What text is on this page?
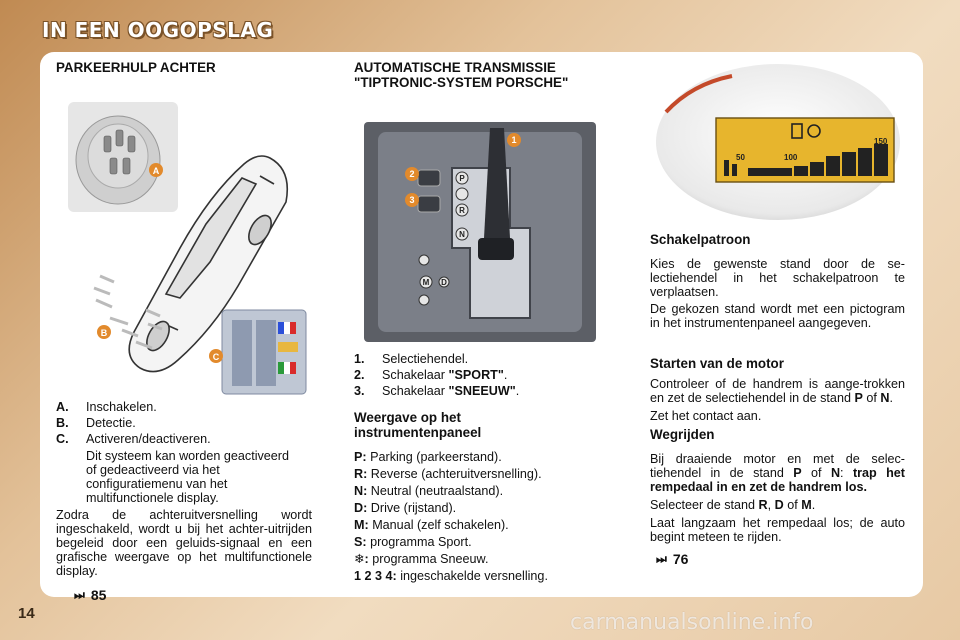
IN EEN OOGOPSLAG
PARKEERHULP ACHTER
A
B
C
A.	Inschakelen.
B.	Detectie.
C.	Activeren/deactiveren.

Dit systeem kan worden geactiveerd of gedeactiveerd via het configuratiemenu van het multifunctionele display.

Zodra de achteruitversnelling wordt ingeschakeld, wordt u bij het achter-uitrijden begeleid door een geluids-signaal en een grafische weergave op het multifunctionele display.

⏭ 85
AUTOMATISCHE TRANSMISSIE "TIPTRONIC-SYSTEM PORSCHE"
P
R
N
D
M
1
2
3
1.	Selectiehendel.
2.	Schakelaar "SPORT".
3.	Schakelaar "SNEEUW".
Weergave op het instrumentenpaneel

P: Parking (parkeerstand).

R: Reverse (achteruitversnelling).

N: Neutral (neutraalstand).

D: Drive (rijstand).

M: Manual (zelf schakelen).

S: programma Sport.

❄: programma Sneeuw.

1 2 3 4: ingeschakelde versnelling.

50	100
150
Schakelpatroon

Kies de gewenste stand door de se-lectiehendel in het schakelpatroon te verplaatsen.

De gekozen stand wordt met een pictogram in het instrumentenpaneel aangegeven.

Starten van de motor

Controleer of de handrem is aange-trokken en zet de selectiehendel in de stand P of N.

Zet het contact aan.

Wegrijden

Bij draaiende motor en met de selec-tiehendel in de stand P of N: trap het rempedaal in en zet de handrem los.

Selecteer de stand R, D of M.

Laat langzaam het rempedaal los; de auto begint meteen te rijden.

⏭ 76
14	carmanualsonline.info
